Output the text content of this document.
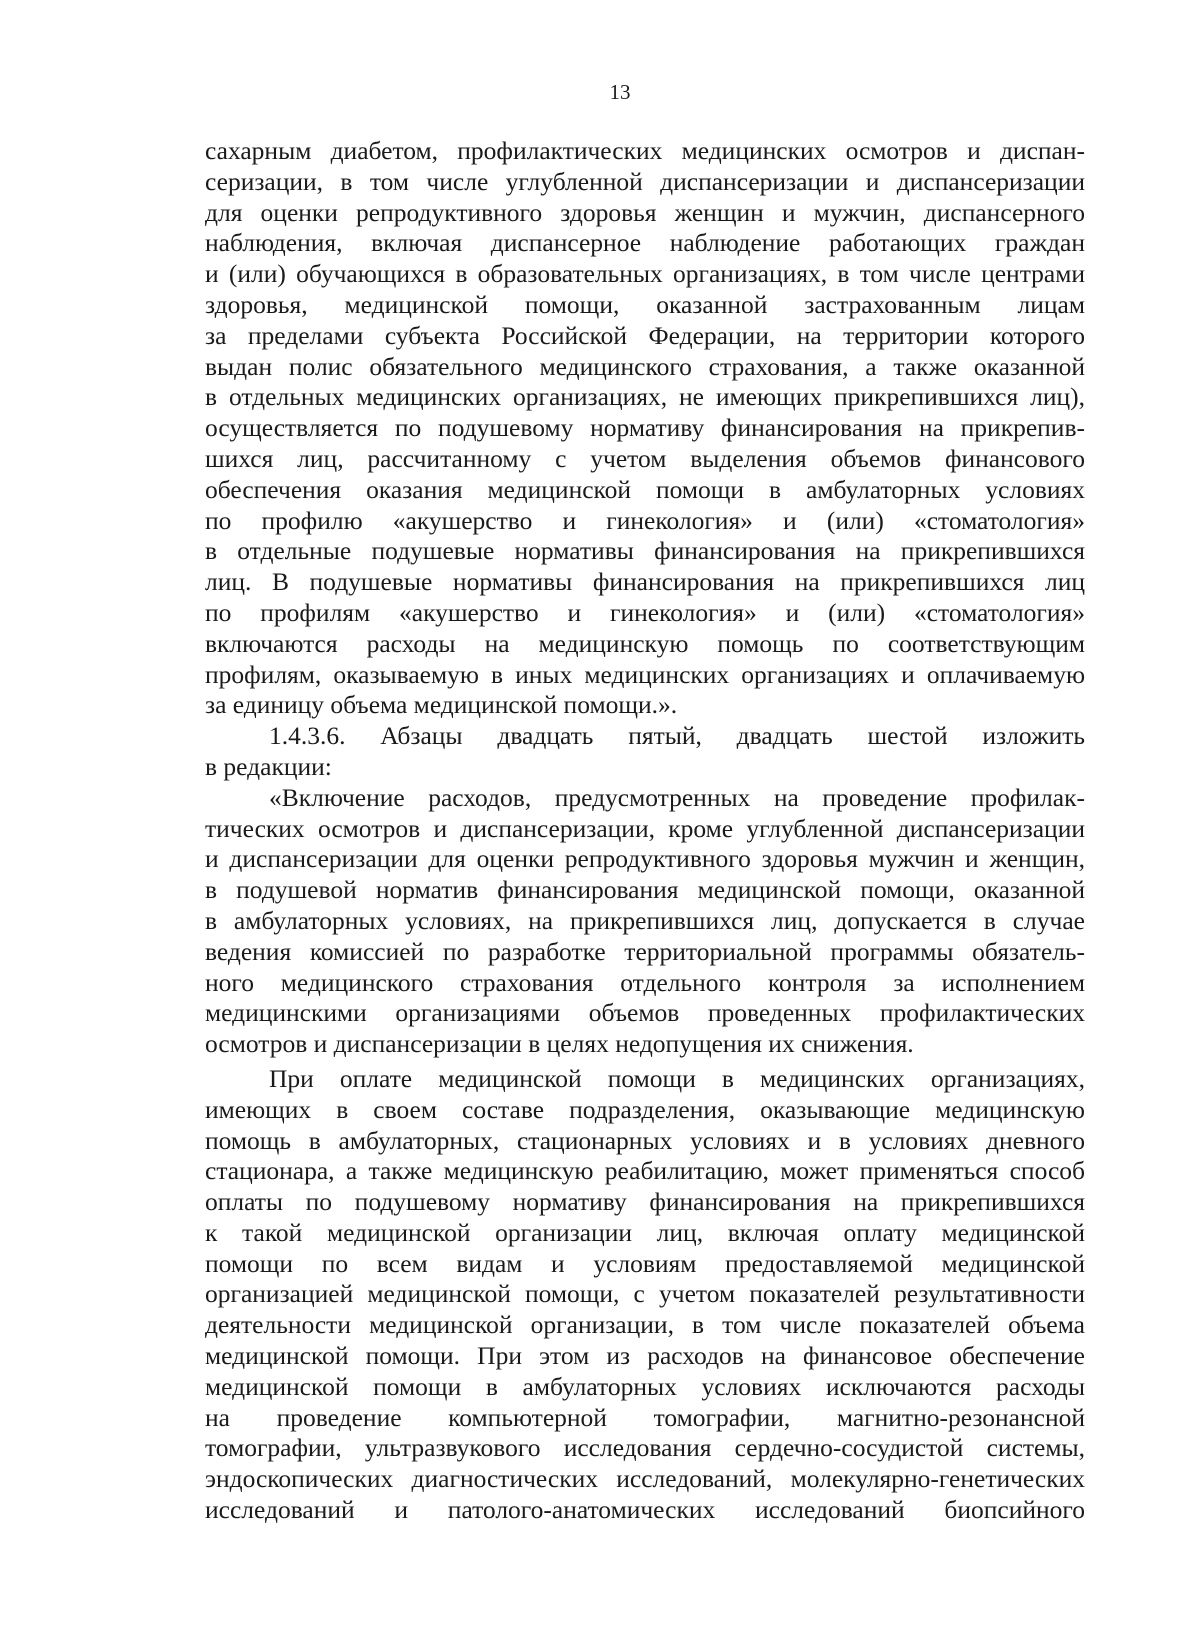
13
сахарным диабетом, профилактических медицинских осмотров и диспан-
серизации, в том числе углубленной диспансеризации и диспансеризации
для оценки репродуктивного здоровья женщин и мужчин, диспансерного
наблюдения, включая диспансерное наблюдение работающих граждан
и (или) обучающихся в образовательных организациях, в том числе центрами
здоровья, медицинской помощи, оказанной застрахованным лицам
за пределами субъекта Российской Федерации, на территории которого
выдан полис обязательного медицинского страхования, а также оказанной
в отдельных медицинских организациях, не имеющих прикрепившихся лиц),
осуществляется по подушевому нормативу финансирования на прикрепив-
шихся лиц, рассчитанному с учетом выделения объемов финансового
обеспечения оказания медицинской помощи в амбулаторных условиях
по профилю «акушерство и гинекология» и (или) «стоматология»
в отдельные подушевые нормативы финансирования на прикрепившихся
лиц. В подушевые нормативы финансирования на прикрепившихся лиц
по профилям «акушерство и гинекология» и (или) «стоматология»
включаются расходы на медицинскую помощь по соответствующим
профилям, оказываемую в иных медицинских организациях и оплачиваемую
за единицу объема медицинской помощи.».
1.4.3.6. Абзацы двадцать пятый, двадцать шестой изложить
в редакции:
«Включение расходов, предусмотренных на проведение профилак-
тических осмотров и диспансеризации, кроме углубленной диспансеризации
и диспансеризации для оценки репродуктивного здоровья мужчин и женщин,
в подушевой норматив финансирования медицинской помощи, оказанной
в амбулаторных условиях, на прикрепившихся лиц, допускается в случае
ведения комиссией по разработке территориальной программы обязатель-
ного медицинского страхования отдельного контроля за исполнением
медицинскими организациями объемов проведенных профилактических
осмотров и диспансеризации в целях недопущения их снижения.
При оплате медицинской помощи в медицинских организациях,
имеющих в своем составе подразделения, оказывающие медицинскую
помощь в амбулаторных, стационарных условиях и в условиях дневного
стационара, а также медицинскую реабилитацию, может применяться способ
оплаты по подушевому нормативу финансирования на прикрепившихся
к такой медицинской организации лиц, включая оплату медицинской
помощи по всем видам и условиям предоставляемой медицинской
организацией медицинской помощи, с учетом показателей результативности
деятельности медицинской организации, в том числе показателей объема
медицинской помощи. При этом из расходов на финансовое обеспечение
медицинской помощи в амбулаторных условиях исключаются расходы
на проведение компьютерной томографии, магнитно-резонансной
томографии, ультразвукового исследования сердечно-сосудистой системы,
эндоскопических диагностических исследований, молекулярно-генетических
исследований и патолого-анатомических исследований биопсийного
